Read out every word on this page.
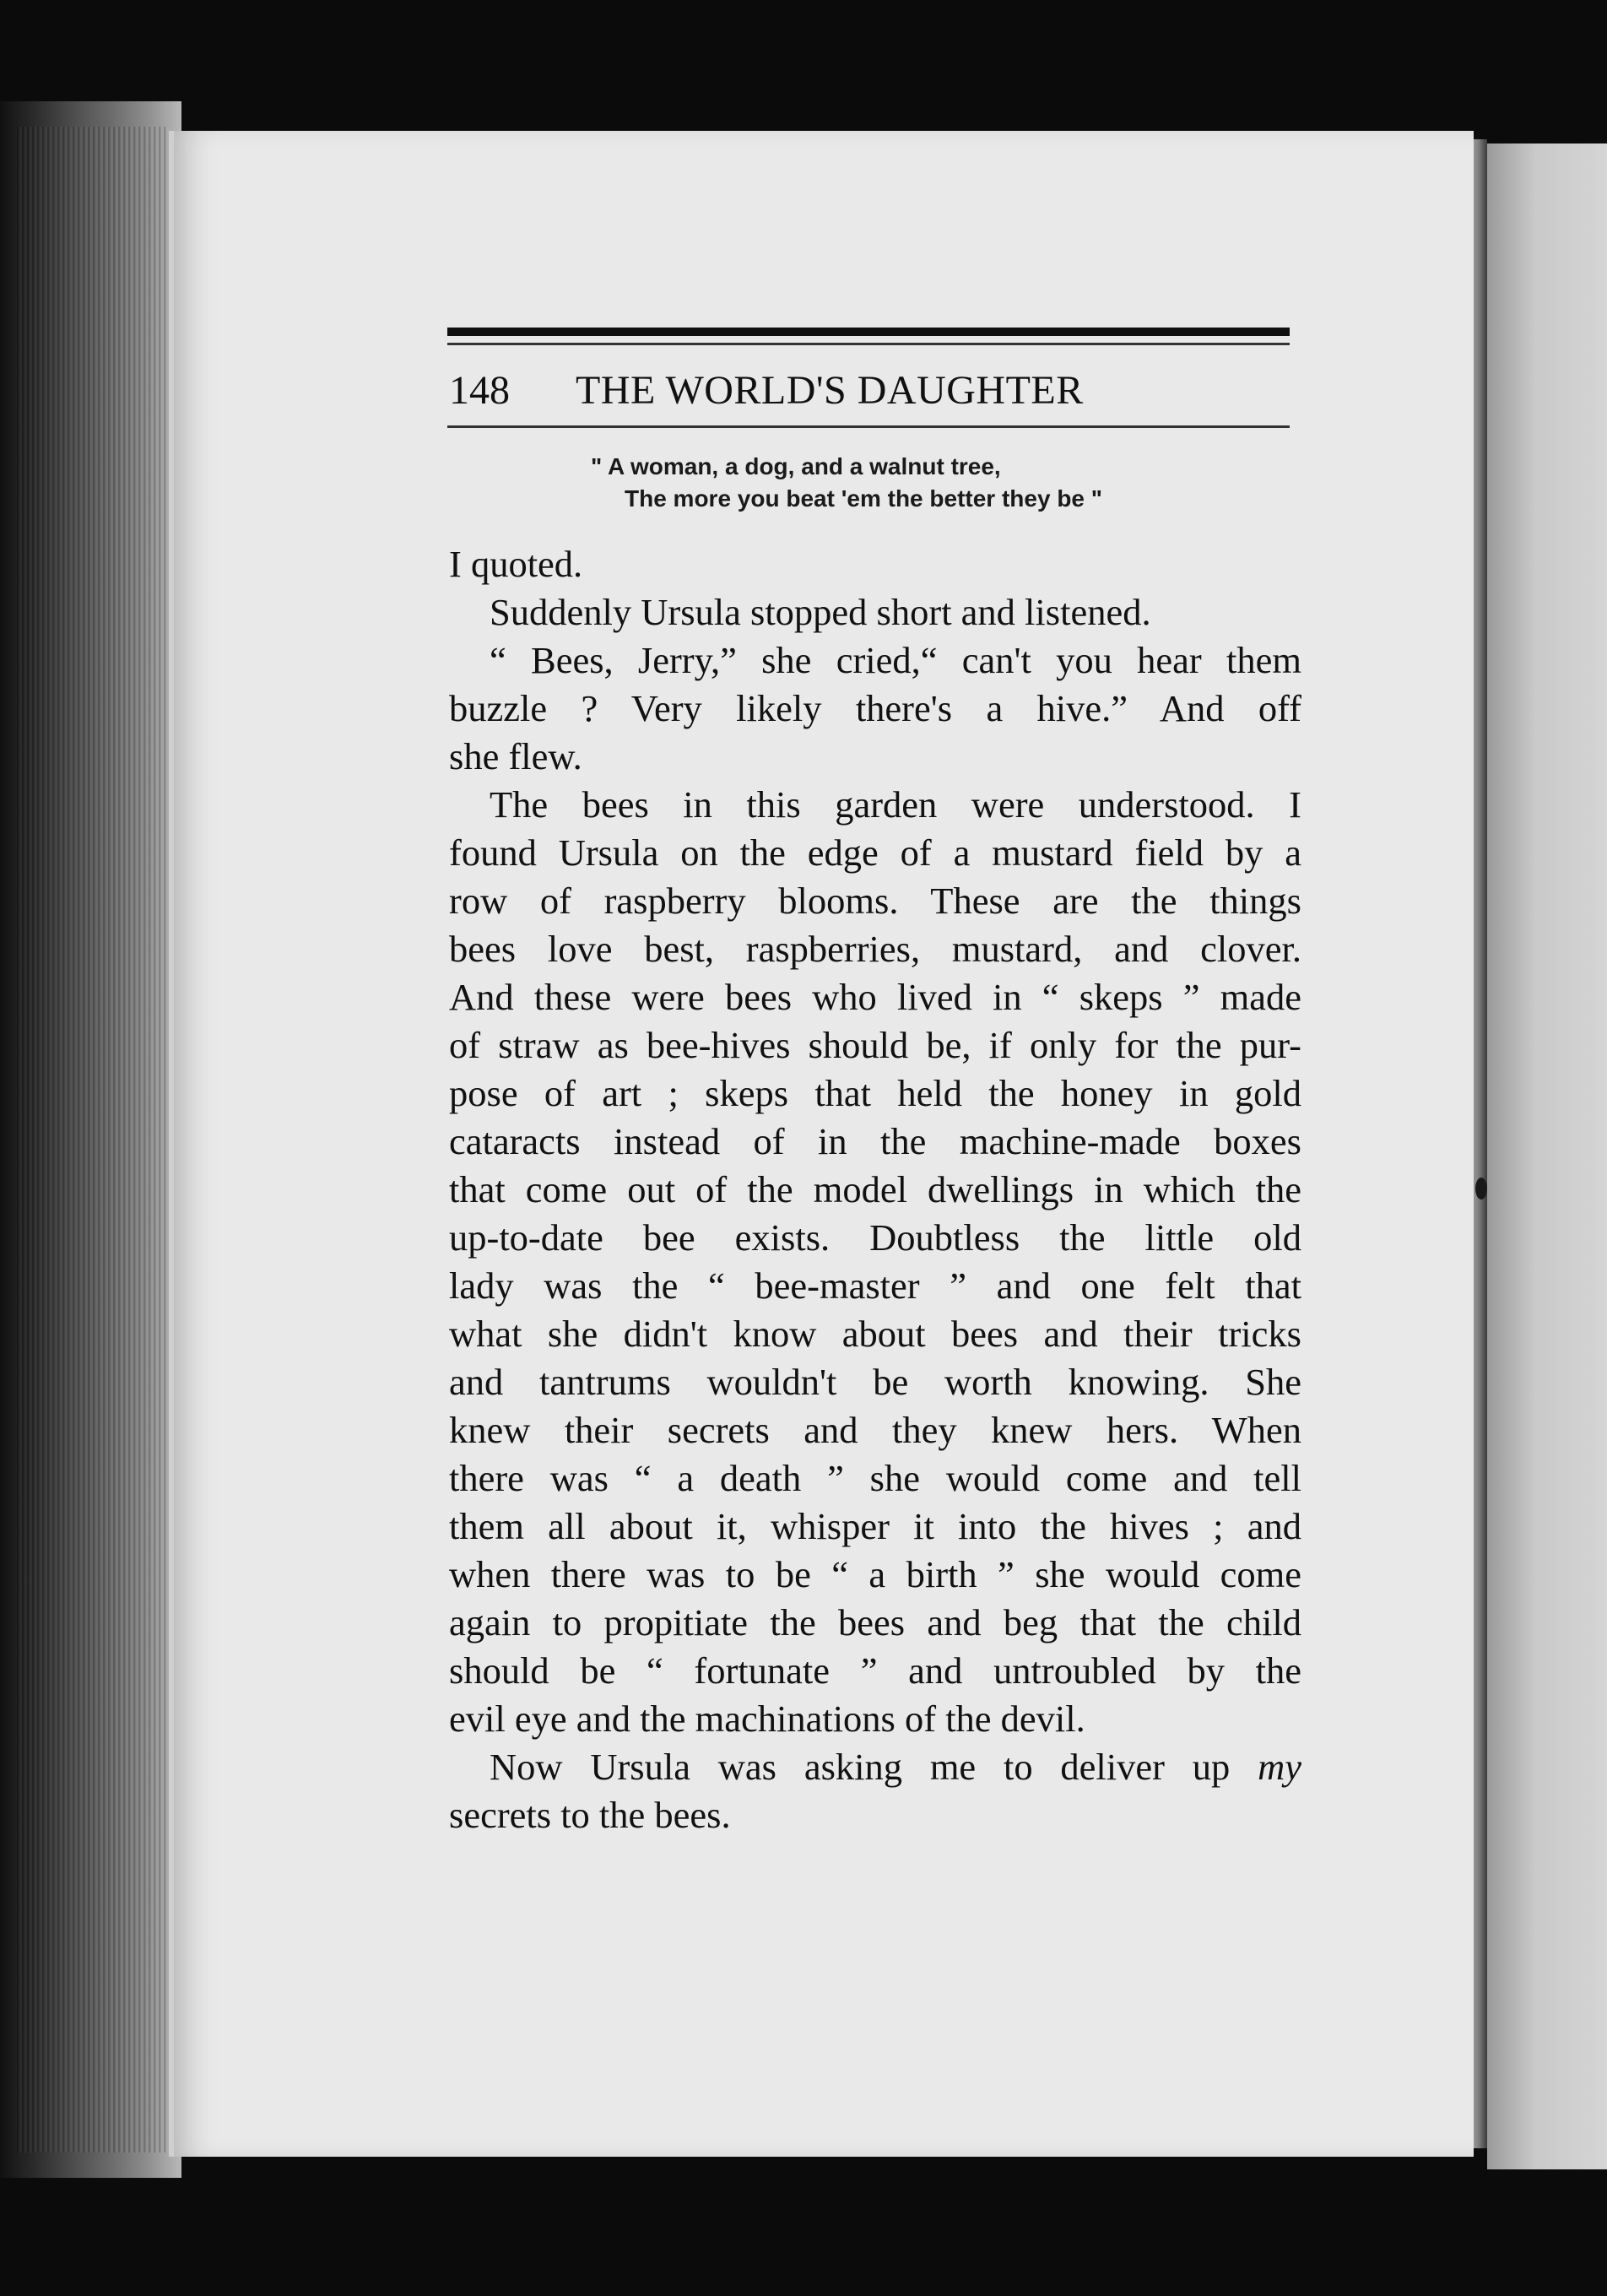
148 THE WORLD'S DAUGHTER
" A woman, a dog, and a walnut tree,
The more you beat 'em the better they be "
I quoted.
Suddenly Ursula stopped short and listened.
“ Bees, Jerry,” she cried,“ can't you hear them
buzzle ? Very likely there's a hive.” And off
she flew.
The bees in this garden were understood. I
found Ursula on the edge of a mustard field by a
row of raspberry blooms. These are the things
bees love best, raspberries, mustard, and clover.
And these were bees who lived in “ skeps ” made
of straw as bee-hives should be, if only for the pur-
pose of art ; skeps that held the honey in gold
cataracts instead of in the machine-made boxes
that come out of the model dwellings in which the
up-to-date bee exists. Doubtless the little old
lady was the “ bee-master ” and one felt that
what she didn't know about bees and their tricks
and tantrums wouldn't be worth knowing. She
knew their secrets and they knew hers. When
there was “ a death ” she would come and tell
them all about it, whisper it into the hives ; and
when there was to be “ a birth ” she would come
again to propitiate the bees and beg that the child
should be “ fortunate ” and untroubled by the
evil eye and the machinations of the devil.
Now Ursula was asking me to deliver up my
secrets to the bees.
